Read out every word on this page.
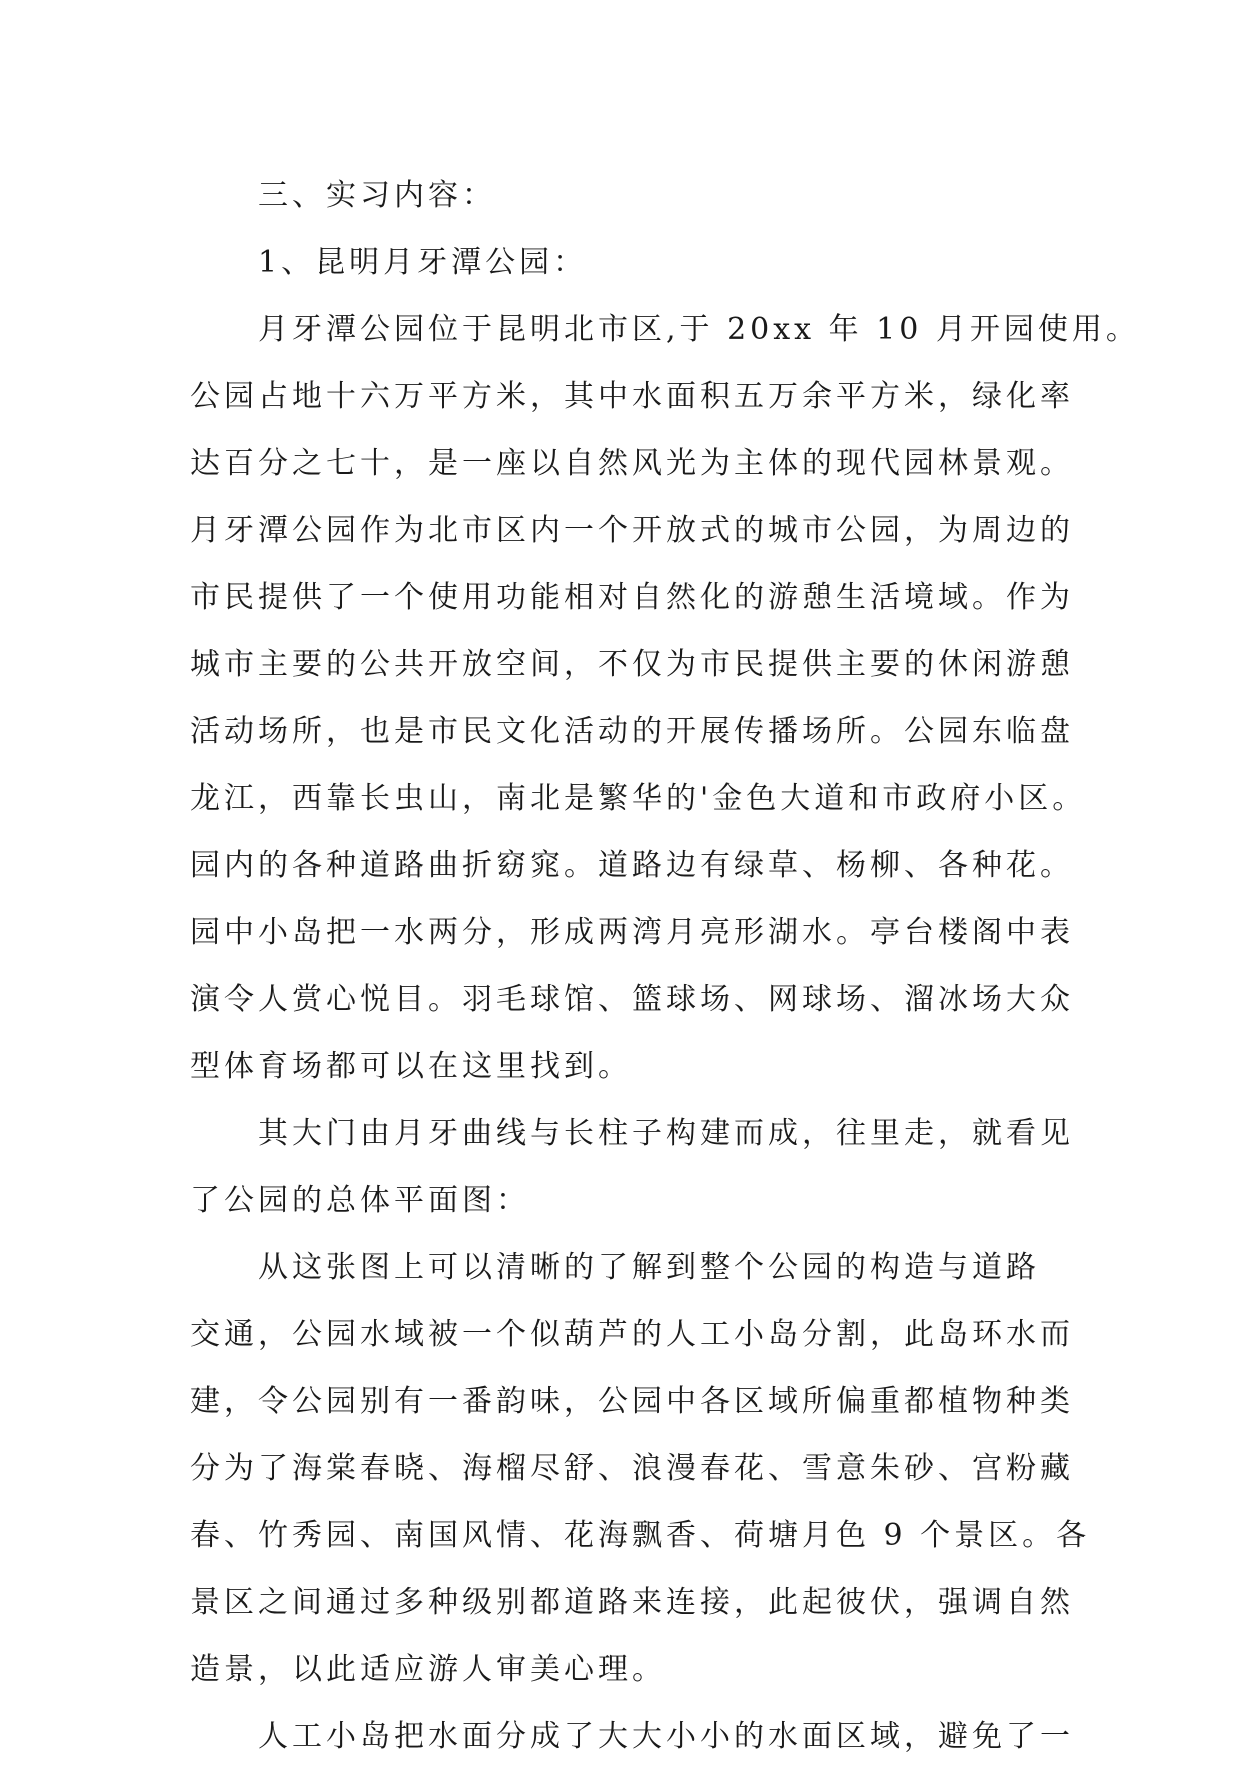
三、实习内容：
1、昆明月牙潭公园：
月牙潭公园位于昆明北市区,于 20xx 年 10 月开园使用。
公园占地十六万平方米，其中水面积五万余平方米，绿化率
达百分之七十，是一座以自然风光为主体的现代园林景观。
月牙潭公园作为北市区内一个开放式的城市公园，为周边的
市民提供了一个使用功能相对自然化的游憩生活境域。作为
城市主要的公共开放空间，不仅为市民提供主要的休闲游憩
活动场所，也是市民文化活动的开展传播场所。公园东临盘
龙江，西靠长虫山，南北是繁华的'金色大道和市政府小区。
园内的各种道路曲折窈窕。道路边有绿草、杨柳、各种花。
园中小岛把一水两分，形成两湾月亮形湖水。亭台楼阁中表
演令人赏心悦目。羽毛球馆、篮球场、网球场、溜冰场大众
型体育场都可以在这里找到。
其大门由月牙曲线与长柱子构建而成，往里走，就看见
了公园的总体平面图：
从这张图上可以清晰的了解到整个公园的构造与道路
交通，公园水域被一个似葫芦的人工小岛分割，此岛环水而
建，令公园别有一番韵味，公园中各区域所偏重都植物种类
分为了海棠春晓、海榴尽舒、浪漫春花、雪意朱砂、宫粉藏
春、竹秀园、南国风情、花海飘香、荷塘月色 9 个景区。各
景区之间通过多种级别都道路来连接，此起彼伏，强调自然
造景，以此适应游人审美心理。
人工小岛把水面分成了大大小小的水面区域，避免了一
